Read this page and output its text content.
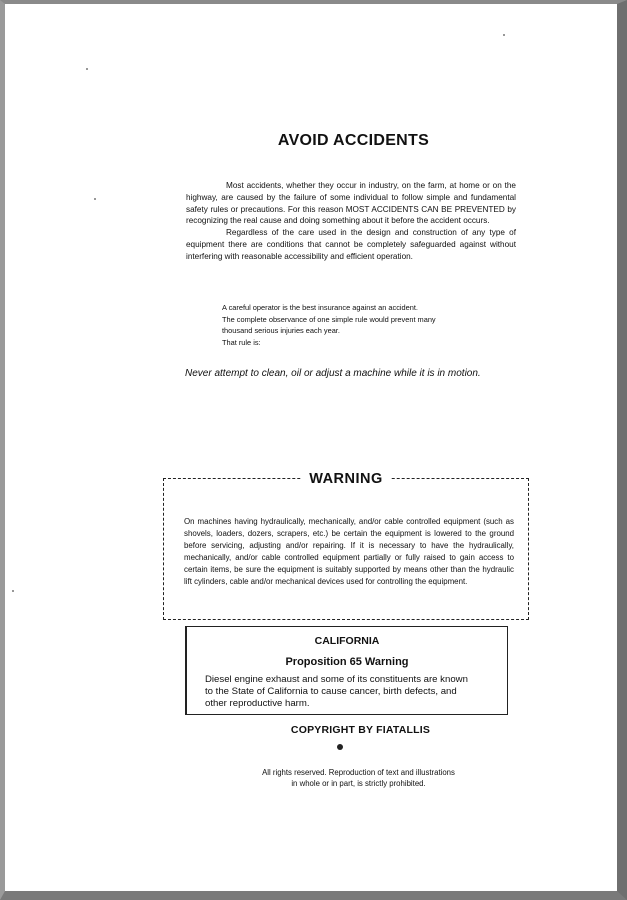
AVOID ACCIDENTS

Most accidents, whether they occur in industry, on the farm, at home or on the highway, are caused by the failure of some individual to follow simple and fundamental safety rules or precautions. For this reason MOST ACCIDENTS CAN BE PREVENTED by recognizing the real cause and doing something about it before the accident occurs.

Regardless of the care used in the design and construction of any type of equipment there are conditions that cannot be completely safeguarded against without interfering with reasonable accessibility and efficient operation.

A careful operator is the best insurance against an accident.
The complete observance of one simple rule would prevent many
thousand serious injuries each year.
That rule is:
Never attempt to clean, oil or adjust a machine while it is in motion.
WARNING

On machines having hydraulically, mechanically, and/or cable controlled equipment (such as shovels, loaders, dozers, scrapers, etc.) be certain the equipment is lowered to the ground before servicing, adjusting and/or repairing. If it is necessary to have the hydraulically, mechanically, and/or cable controlled equipment partially or fully raised to gain access to certain items, be sure the equipment is suitably supported by means other than the hydraulic lift cylinders, cable and/or mechanical devices used for controlling the equipment.

CALIFORNIA
Proposition 65 Warning
Diesel engine exhaust and some of its constituents are known
to the State of California to cause cancer, birth defects, and
other reproductive harm.
COPYRIGHT BY FIATALLIS
All rights reserved. Reproduction of text and illustrations
in whole or in part, is strictly prohibited.
